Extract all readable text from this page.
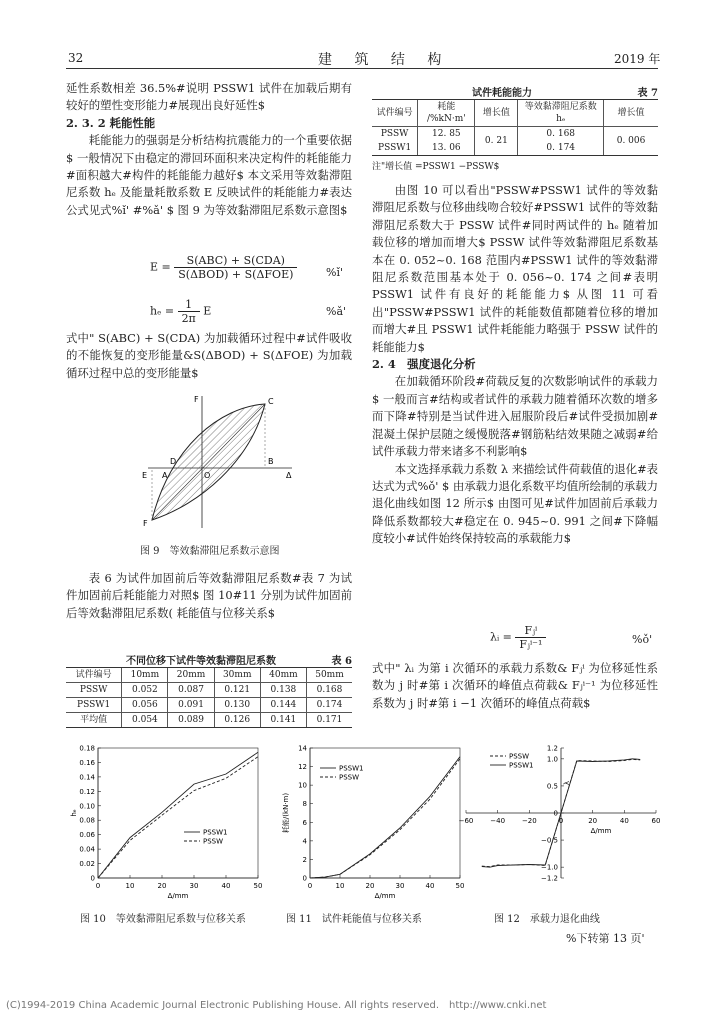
32	建 筑 结 构	2019 年

延性系数相差 36.5%#说明 PSSW1 试件在加载后期有较好的塑性变形能力#展现出良好延性$

2. 3. 2 耗能性能

耗能能力的强弱是分析结构抗震能力的一个重要依据$ 一般情况下由稳定的滞回环面积来决定构件的耗能能力#面积越大#构件的耗能能力越好$ 本文采用等效黏滞阻尼系数 hₑ 及能量耗散系数 E 反映试件的耗能能力#表达公式见式%ǐ' #%ǎ' $ 图 9 为等效黏滞阻尼系数示意图$

$E = \frac{\text{S(ABC) + S(CDA)}}{\text{S(ΔBOD) + S(ΔFOE)}}$	%ǐ'
$h_e = \frac{1}{2\pi}$ E	%ǎ'

式中" S(ABC) + S(CDA) 为加载循环过程中#试件吸收的不能恢复的变形能量&S(ΔBOD) + S(ΔFOE) 为加载循环过程中总的变形能量$

F	C
D	B
O
E A
F
Δ
图 9　等效黏滞阻尼系数示意图

表 6 为试件加固前后等效黏滞阻尼系数#表 7 为试件加固前后耗能能力对照$ 图 10#11 分别为试件加固前后等效黏滞阻尼系数( 耗能值与位移关系$

不同位移下试件等效黏滞阻尼系数	表 6
试件编号	10mm	20mm	30mm	40mm	50mm
PSSW	0.052	0.087	0.121	0.138	0.168
PSSW1	0.056	0.091	0.130	0.144	0.174
平均值	0.054	0.089	0.126	0.141	0.171
试件耗能能力	表 7
试件编号	耗能 /%kN·m'	增长值	等效黏滞阻尼系数 hₑ	增长值
PSSW	12. 85	0. 21	0. 168	0. 006
PSSW1	13. 06		0. 174	
注"增长值 =PSSW1 −PSSW$

由图 10 可以看出"PSSW#PSSW1 试件的等效黏滞阻尼系数与位移曲线吻合较好#PSSW1 试件的等效黏滞阻尼系数大于 PSSW 试件#同时两试件的 hₑ 随着加载位移的增加而增大$ PSSW 试件等效黏滞阻尼系数基本在 0. 052~0. 168 范围内#PSSW1 试件的等效黏滞阻尼系数范围基本处于 0. 056~0. 174 之间#表明 PSSW1 试件有良好的耗能能力$ 从图 11 可看出"PSSW#PSSW1 试件的耗能数值都随着位移的增加而增大#且 PSSW1 试件耗能能力略强于 PSSW 试件的耗能能力$

2. 4　强度退化分析

在加载循环阶段#荷载反复的次数影响试件的承载力$ 一般而言#结构或者试件的承载力随着循环次数的增多而下降#特别是当试件进入屈服阶段后#试件受损加剧#混凝土保护层随之缓慢脱落#钢筋粘结效果随之减弱#给试件承载力带来诸多不利影响$

本文选择承载力系数 λ 来描绘试件荷载值的退化#表达式为式%ǒ' $ 由承载力退化系数平均值所绘制的承载力退化曲线如图 12 所示$ 由图可见#试件加固前后承载力降低系数都较大#稳定在 0. 945~0. 991 之间#下降幅度较小#试件始终保持较高的承载能力$

λᵢ = $\frac{\text{Fⱼⁱ}}{\text{Fⱼⁱ⁻¹}}$	%ǒ'

式中" λᵢ 为第 i 次循环的承载力系数& Fⱼⁱ 为位移延性系数为 j 时#第 i 次循环的峰值点荷载& Fⱼⁱ⁻¹ 为位移延性系数为 j 时#第 i −1 次循环的峰值点荷载$

0	10	20	30	40	50
0
0.02
0.04
0.06
0.08
0.10
0.12
0.14
0.16
0.18
Δ/mm
hₑ
PSSW1
PSSW
0	10	20	30	40	50
0
2
4
6
8
10
12
14
Δ/mm
耗能/(kN·m)
PSSW1
PSSW
−60 −40 −20	0	20	40	60
−1.2
−1.0
−0.5
0
0.5
1.0
1.2
Δ/mm
λ
PSSW
PSSW1
图 10　等效黏滞阻尼系数与位移关系	图 11　试件耗能值与位移关系	图 12　承载力退化曲线
%下转第 13 页'
(C)1994-2019 China Academic Journal Electronic Publishing House. All rights reserved.　http://www.cnki.net
